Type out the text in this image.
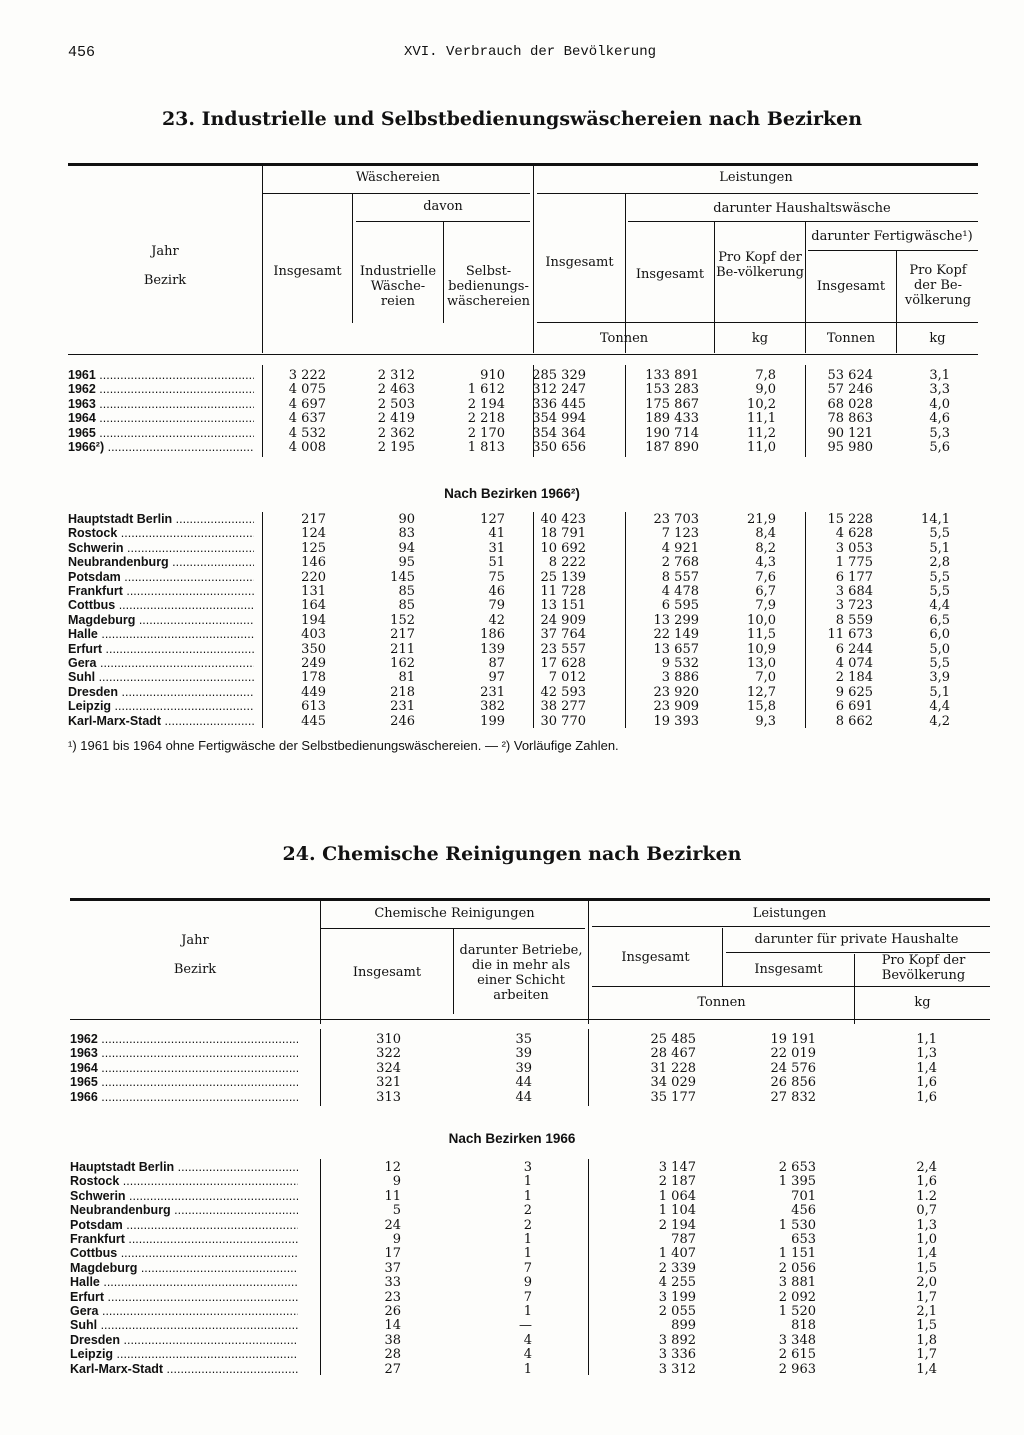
456	XVI. Verbrauch der Bevölkerung
23. Industrielle und Selbstbedienungswäschereien nach Bezirken
Jahr
Bezirk
Wäschereien
davon
Insgesamt	Industrielle Wäsche-reien
Selbst-bedienungs-wäschereien
Leistungen
Insgesamt
darunter Haushaltswäsche
Insgesamt
Pro Kopf der Be-völkerung
darunter Fertigwäsche¹)
Insgesamt
Pro Kopf der Be-völkerung
Tonnen	kg	Tonnen	kg
1961 .....	3 222	2 312	910	285 329	133 891	7,8	53 624	3,1
1962 .....	4 075	2 463	1 612	312 247	153 283	9,0	57 246	3,3
1963 .....	4 697	2 503	2 194	336 445	175 867	10,2	68 028	4,0
1964 .....	4 637	2 419	2 218	354 994	189 433	11,1	78 863	4,6
1965 .....	4 532	2 362	2 170	354 364	190 714	11,2	90 121	5,3
1966²) .....	4 008	2 195	1 813	350 656	187 890	11,0	95 980	5,6
Nach Bezirken 1966²)
Hauptstadt Berlin .....	217	90	127	40 423	23 703	21,9	15 228	14,1
Rostock .....	124	83	41	18 791	7 123	8,4	4 628	5,5
Schwerin .....	125	94	31	10 692	4 921	8,2	3 053	5,1
Neubrandenburg .....	146	95	51	8 222	2 768	4,3	1 775	2,8
Potsdam .....	220	145	75	25 139	8 557	7,6	6 177	5,5
Frankfurt .....	131	85	46	11 728	4 478	6,7	3 684	5,5
Cottbus .....	164	85	79	13 151	6 595	7,9	3 723	4,4
Magdeburg .....	194	152	42	24 909	13 299	10,0	8 559	6,5
Halle .....	403	217	186	37 764	22 149	11,5	11 673	6,0
Erfurt .....	350	211	139	23 557	13 657	10,9	6 244	5,0
Gera .....	249	162	87	17 628	9 532	13,0	4 074	5,5
Suhl .....	178	81	97	7 012	3 886	7,0	2 184	3,9
Dresden .....	449	218	231	42 593	23 920	12,7	9 625	5,1
Leipzig .....	613	231	382	38 277	23 909	15,8	6 691	4,4
Karl-Marx-Stadt .....	445	246	199	30 770	19 393	9,3	8 662	4,2
¹) 1961 bis 1964 ohne Fertigwäsche der Selbstbedienungswäschereien. — ²) Vorläufige Zahlen.
24. Chemische Reinigungen nach Bezirken
Jahr
Bezirk
Chemische Reinigungen
Insgesamt
darunter Betriebe, die in mehr als einer Schicht arbeiten
Leistungen
Insgesamt
darunter für private Haushalte
Insgesamt
Pro Kopf der Bevölkerung
Tonnen	kg
1962 .....	310	35	25 485	19 191	1,1
1963 .....	322	39	28 467	22 019	1,3
1964 .....	324	39	31 228	24 576	1,4
1965 .....	321	44	34 029	26 856	1,6
1966 .....	313	44	35 177	27 832	1,6
Nach Bezirken 1966
Hauptstadt Berlin .....	12	3	3 147	2 653	2,4
Rostock .....	9	1	2 187	1 395	1,6
Schwerin .....	11	1	1 064	701	1.2
Neubrandenburg .....	5	2	1 104	456	0,7
Potsdam .....	24	2	2 194	1 530	1,3
Frankfurt .....	9	1	787	653	1,0
Cottbus .....	17	1	1 407	1 151	1,4
Magdeburg .....	37	7	2 339	2 056	1,5
Halle .....	33	9	4 255	3 881	2,0
Erfurt .....	23	7	3 199	2 092	1,7
Gera .....	26	1	2 055	1 520	2,1
Suhl .....	14	—	899	818	1,5
Dresden .....	38	4	3 892	3 348	1,8
Leipzig .....	28	4	3 336	2 615	1,7
Karl-Marx-Stadt .....	27	1	3 312	2 963	1,4
